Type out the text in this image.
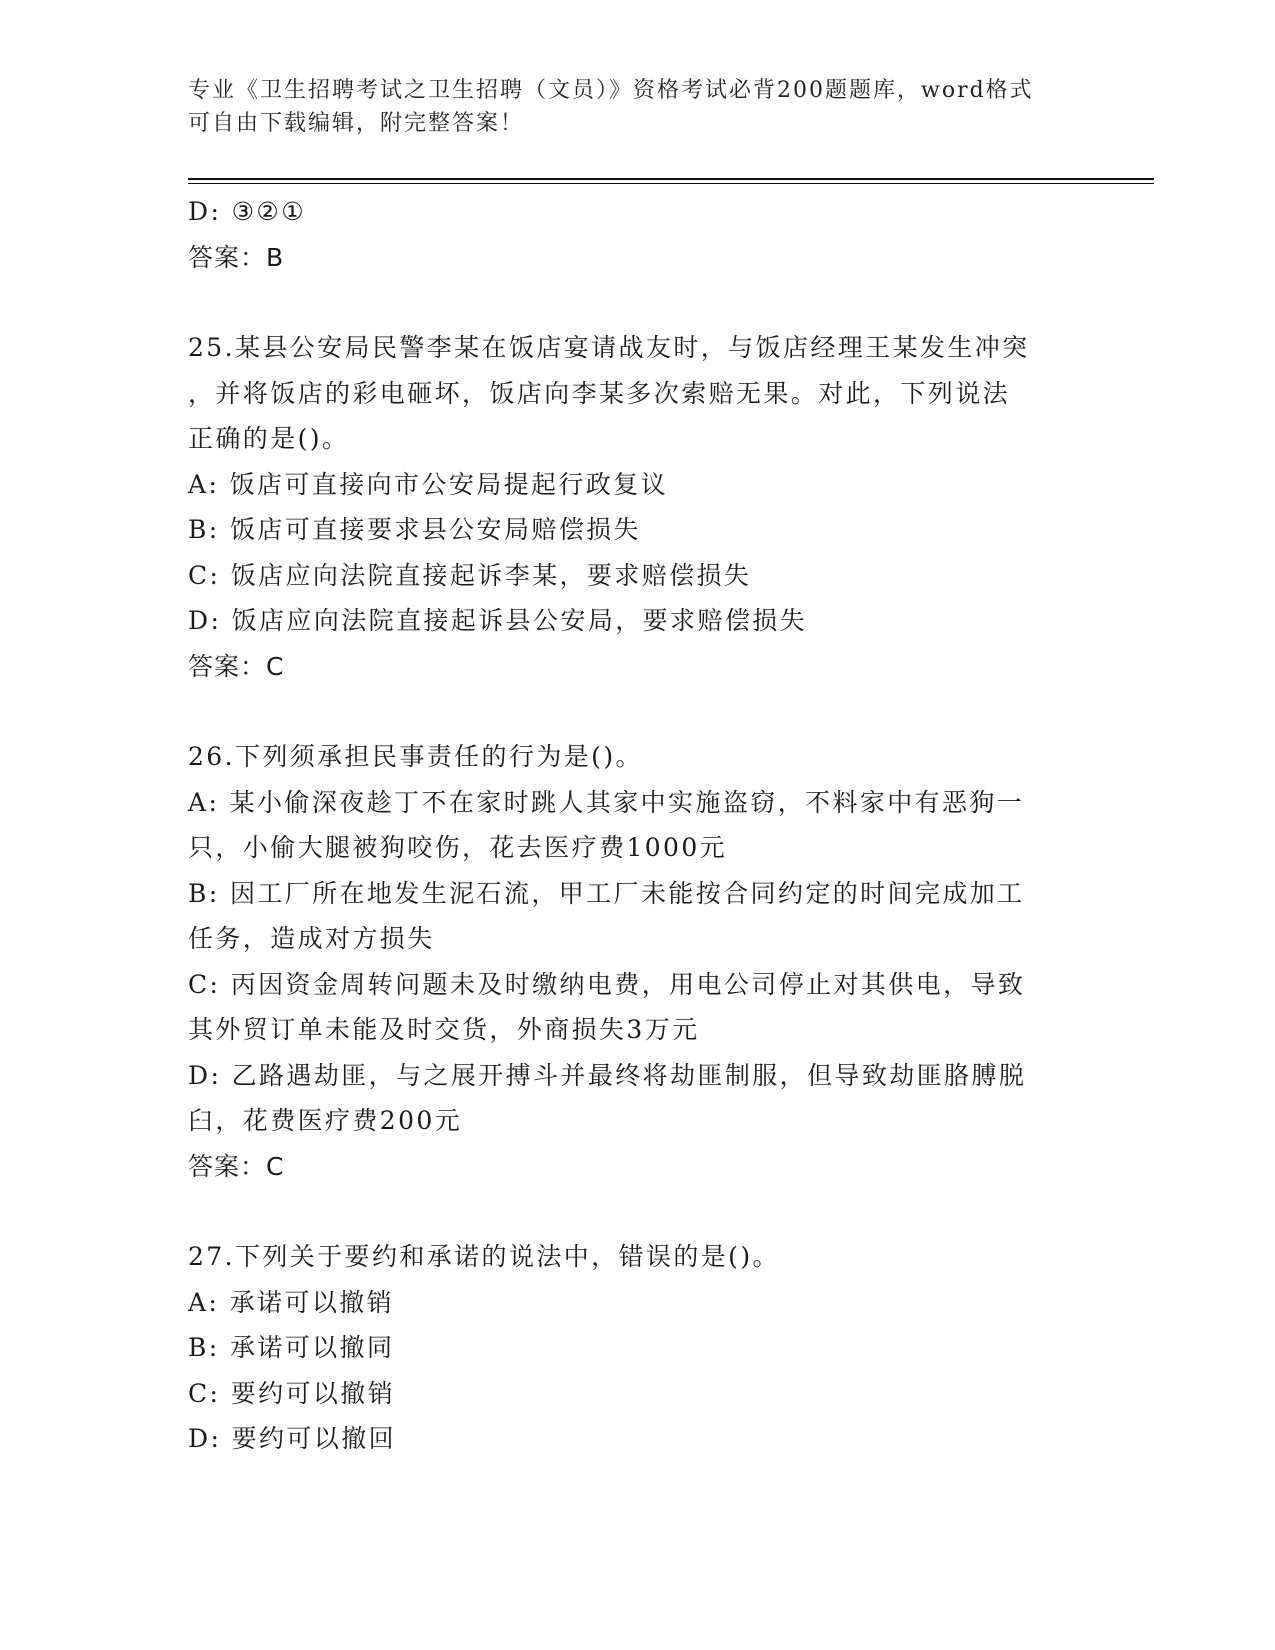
专业《卫生招聘考试之卫生招聘（文员）》资格考试必背200题题库，word格式
可自由下载编辑，附完整答案！

D: ③②①

答案：B

25.某县公安局民警李某在饭店宴请战友时，与饭店经理王某发生冲突

，并将饭店的彩电砸坏，饭店向李某多次索赔无果。对此，下列说法

正确的是()。

A: 饭店可直接向市公安局提起行政复议

B: 饭店可直接要求县公安局赔偿损失

C: 饭店应向法院直接起诉李某，要求赔偿损失

D: 饭店应向法院直接起诉县公安局，要求赔偿损失

答案：C

26.下列须承担民事责任的行为是()。

A: 某小偷深夜趁丁不在家时跳人其家中实施盗窃，不料家中有恶狗一

只，小偷大腿被狗咬伤，花去医疗费1000元

B: 因工厂所在地发生泥石流，甲工厂未能按合同约定的时间完成加工

任务，造成对方损失

C: 丙因资金周转问题未及时缴纳电费，用电公司停止对其供电，导致

其外贸订单未能及时交货，外商损失3万元

D: 乙路遇劫匪，与之展开搏斗并最终将劫匪制服，但导致劫匪胳膊脱

臼，花费医疗费200元

答案：C

27.下列关于要约和承诺的说法中，错误的是()。

A: 承诺可以撤销

B: 承诺可以撤同

C: 要约可以撤销

D: 要约可以撤回
